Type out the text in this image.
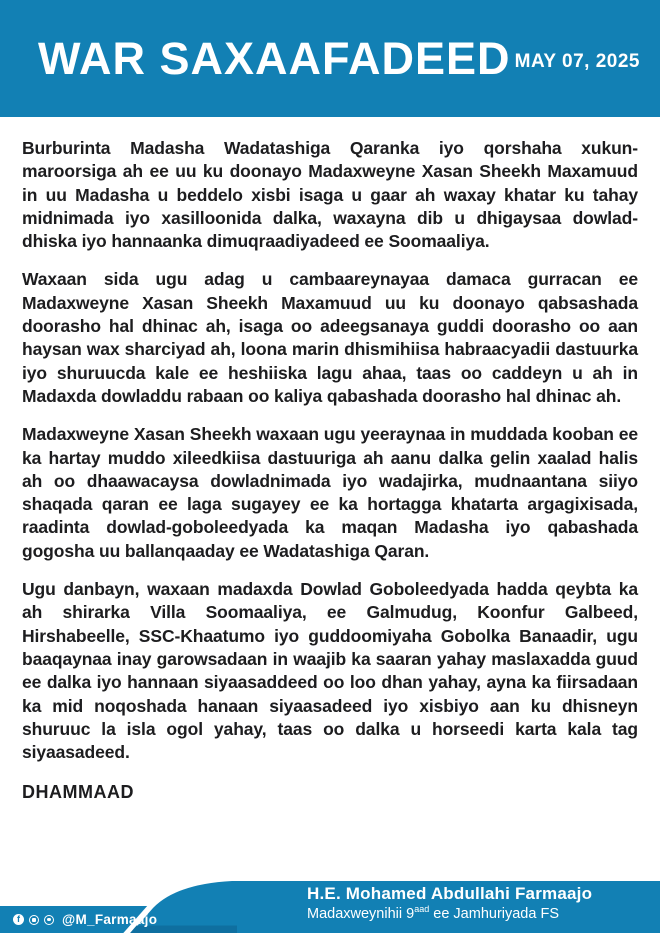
WAR SAXAAFADEED MAY 07, 2025

Burburinta Madasha Wadatashiga Qaranka iyo qorshaha xukun-maroorsiga ah ee uu ku doonayo Madaxweyne Xasan Sheekh Maxamuud in uu Madasha u beddelo xisbi isaga u gaar ah waxay khatar ku tahay midnimada iyo xasilloonida dalka, waxayna dib u dhigaysaa dowlad-dhiska iyo hannaanka dimuqraadiyadeed ee Soomaaliya.

Waxaan sida ugu adag u cambaareynayaa damaca gurracan ee Madaxweyne Xasan Sheekh Maxamuud uu ku doonayo qabsashada doorasho hal dhinac ah, isaga oo adeegsanaya guddi doorasho oo aan haysan wax sharciyad ah, loona marin dhismihiisa habraacyadii dastuurka iyo shuruucda kale ee heshiiska lagu ahaa, taas oo caddeyn u ah in Madaxda dowladdu rabaan oo kaliya qabashada doorasho hal dhinac ah.

Madaxweyne Xasan Sheekh waxaan ugu yeeraynaa in muddada kooban ee ka hartay muddo xileedkiisa dastuuriga ah aanu dalka gelin xaalad halis ah oo dhaawacaysa dowladnimada iyo wadajirka, mudnaantana siiyo shaqada qaran ee laga sugayey ee ka hortagga khatarta argagixisada, raadinta dowlad-goboleedyada ka maqan Madasha iyo qabashada gogosha uu ballanqaaday ee Wadatashiga Qaran.

Ugu danbayn, waxaan madaxda Dowlad Goboleedyada hadda qeybta ka ah shirarka Villa Soomaaliya, ee Galmudug, Koonfur Galbeed, Hirshabeelle, SSC-Khaatumo iyo guddoomiyaha Gobolka Banaadir, ugu baaqaynaa inay garowsadaan in waajib ka saaran yahay maslaxadda guud ee dalka iyo hannaan siyaasaddeed oo loo dhan yahay, ayna ka fiirsadaan ka mid noqoshada hanaan siyaasadeed iyo xisbiyo aan ku dhisneyn shuruuc la isla ogol yahay, taas oo dalka u horseedi karta kala tag siyaasadeed.

DHAMMAAD
f	@M_Farmaajo
H.E. Mohamed Abdullahi Farmaajo
Madaxweynihii $9^{aad}$ ee Jamhuriyada FS
